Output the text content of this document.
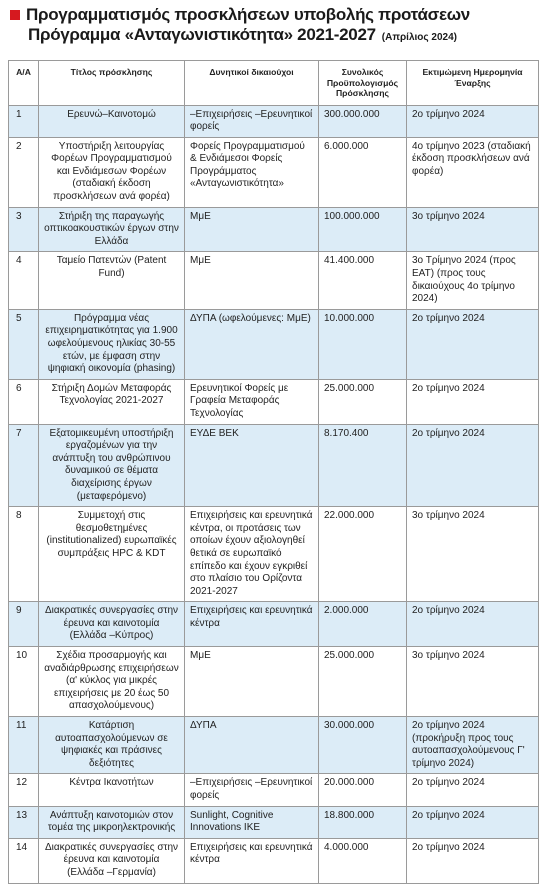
Προγραμματισμός προσκλήσεων υποβολής προτάσεων
Πρόγραμμα «Ανταγωνιστικότητα» 2021-2027 (Απρίλιος 2024)
Α/Α	Τίτλος πρόσκλησης	Δυνητικοί δικαιούχοι	Συνολικός Προϋπολογισμός Πρόσκλησης	Εκτιμώμενη Ημερομηνία Έναρξης
1	Ερευνώ–Καινοτομώ	–Επιχειρήσεις –Ερευνητικοί φορείς	300.000.000	2ο τρίμηνο 2024
2	Υποστήριξη λειτουργίας Φορέων Προγραμματισμού και Ενδιάμεσων Φορέων (σταδιακή έκδοση προσκλήσεων ανά φορέα)	Φορείς Προγραμματισμού & Ενδιάμεσοι Φορείς Προγράμματος «Ανταγωνιστικότητα»	6.000.000	4ο τρίμηνο 2023 (σταδιακή έκδοση προσκλήσεων ανά φορέα)
3	Στήριξη της παραγωγής οπτικοακουστικών έργων στην Ελλάδα	ΜμΕ	100.000.000	3ο τρίμηνο 2024
4	Ταμείο Πατεντών (Patent Fund)	ΜμΕ	41.400.000	3ο Τρίμηνο 2024 (προς ΕΑΤ) (προς τους δικαιούχους 4ο τρίμηνο 2024)
5	Πρόγραμμα νέας επιχειρηματικότητας για 1.900 ωφελούμενους ηλικίας 30-55 ετών, με έμφαση στην ψηφιακή οικονομία (phasing)	ΔΥΠΑ (ωφελούμενες: ΜμΕ)	10.000.000	2ο τρίμηνο 2024
6	Στήριξη Δομών Μεταφοράς Τεχνολογίας 2021-2027	Ερευνητικοί Φορείς με Γραφεία Μεταφοράς Τεχνολογίας	25.000.000	2ο τρίμηνο 2024
7	Εξατομικευμένη υποστήριξη εργαζομένων για την ανάπτυξη του ανθρώπινου δυναμικού σε θέματα διαχείρισης έργων (μεταφερόμενο)	ΕΥΔΕ ΒΕΚ	8.170.400	2ο τρίμηνο 2024
8	Συμμετοχή στις θεσμοθετημένες (institutionalized) ευρωπαϊκές συμπράξεις HPC & KDT	Επιχειρήσεις και ερευνητικά κέντρα, οι προτάσεις των οποίων έχουν αξιολογηθεί θετικά σε ευρωπαϊκό επίπεδο και έχουν εγκριθεί στο πλαίσιο του Ορίζοντα 2021-2027	22.000.000	3ο τρίμηνο 2024
9	Διακρατικές συνεργασίες στην έρευνα και καινοτομία (Ελλάδα –Κύπρος)	Επιχειρήσεις και ερευνητικά κέντρα	2.000.000	2ο τρίμηνο 2024
10	Σχέδια προσαρμογής και αναδιάρθρωσης επιχειρήσεων (α' κύκλος για μικρές επιχειρήσεις με 20 έως 50 απασχολούμενους)	ΜμΕ	25.000.000	3ο τρίμηνο 2024
11	Κατάρτιση αυτοαπασχολούμενων σε ψηφιακές και πράσινες δεξιότητες	ΔΥΠΑ	30.000.000	2ο τρίμηνο 2024 (προκήρυξη προς τους αυτοαπασχολούμενους Γ' τρίμηνο 2024)
12	Κέντρα Ικανοτήτων	–Επιχειρήσεις –Ερευνητικοί φορείς	20.000.000	2ο τρίμηνο 2024
13	Ανάπτυξη καινοτομιών στον τομέα της μικροηλεκτρονικής	Sunlight, Cognitive Innovations IKE	18.800.000	2ο τρίμηνο 2024
14	Διακρατικές συνεργασίες στην έρευνα και καινοτομία (Ελλάδα –Γερμανία)	Επιχειρήσεις και ερευνητικά κέντρα	4.000.000	2ο τρίμηνο 2024
